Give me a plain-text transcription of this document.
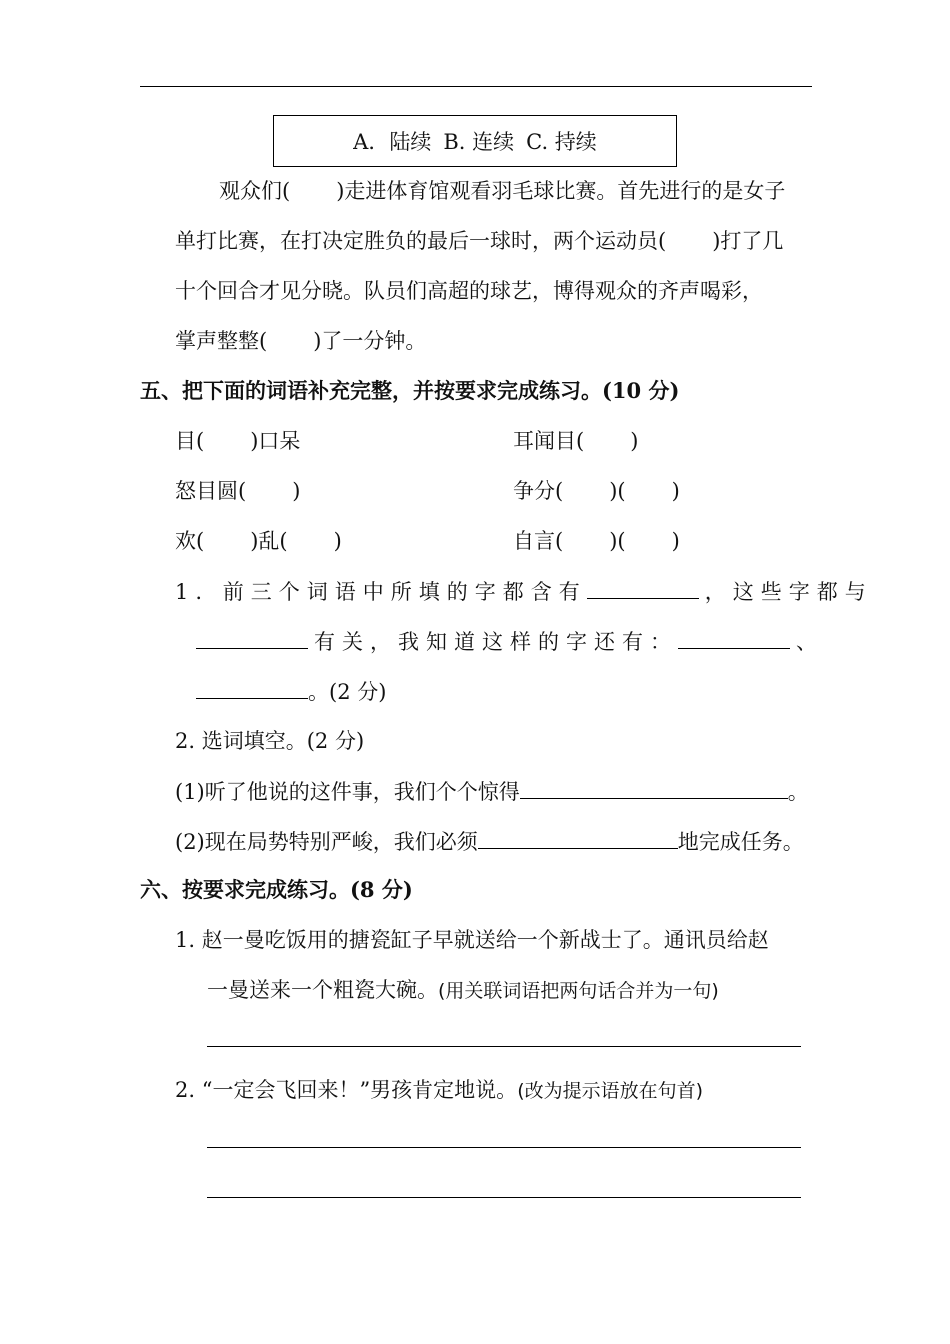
A．陆续 B. 连续 C. 持续
观众们( )走进体育馆观看羽毛球比赛。首先进行的是女子
单打比赛，在打决定胜负的最后一球时，两个运动员( )打了几
十个回合才见分晓。队员们高超的球艺，博得观众的齐声喝彩，
掌声整整( )了一分钟。
五、把下面的词语补充完整，并按要求完成练习。(10 分)
目( )口呆	耳闻目( )
怒目圆( )	争分( )( )
欢( )乱( )	自言( )( )
1. 前三个词语中所填的字都含有	，这些字都与
有关，我知道这样的字还有：	、
。(2 分)
2. 选词填空。(2 分)
(1)听了他说的这件事，我们个个惊得	。
(2)现在局势特别严峻，我们必须	地完成任务。
六、按要求完成练习。(8 分)
1. 赵一曼吃饭用的搪瓷缸子早就送给一个新战士了。通讯员给赵
一曼送来一个粗瓷大碗。(用关联词语把两句话合并为一句)
2. “一定会飞回来！”男孩肯定地说。(改为提示语放在句首)
